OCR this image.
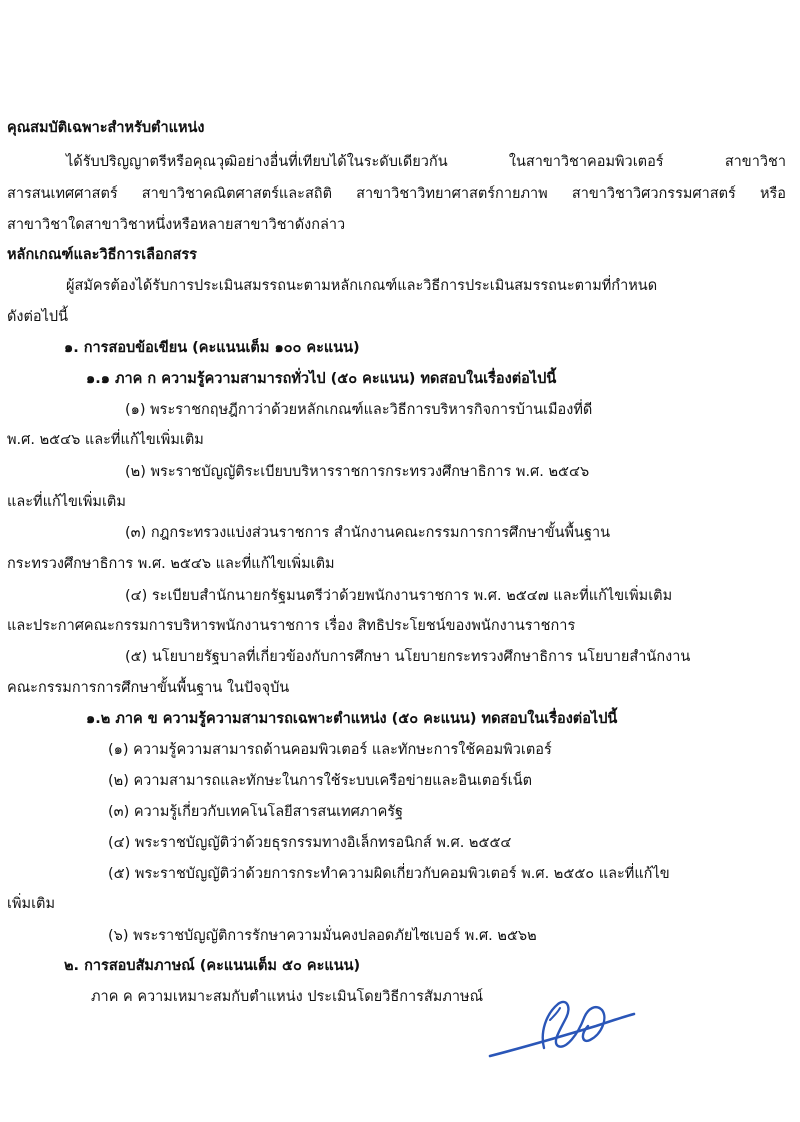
คุณสมบัติเฉพาะสำหรับตำแหน่ง
ได้รับปริญญาตรีหรือคุณวุฒิอย่างอื่นที่เทียบได้ในระดับเดียวกัน ในสาขาวิชาคอมพิวเตอร์ สาขาวิชา
สารสนเทศศาสตร์ สาขาวิชาคณิตศาสตร์และสถิติ สาขาวิชาวิทยาศาสตร์กายภาพ สาขาวิชาวิศวกรรมศาสตร์ หรือ
สาขาวิชาใดสาขาวิชาหนึ่งหรือหลายสาขาวิชาดังกล่าว
หลักเกณฑ์และวิธีการเลือกสรร
ผู้สมัครต้องได้รับการประเมินสมรรถนะตามหลักเกณฑ์และวิธีการประเมินสมรรถนะตามที่กำหนด
ดังต่อไปนี้
๑. การสอบข้อเขียน (คะแนนเต็ม ๑๐๐ คะแนน)
๑.๑ ภาค ก ความรู้ความสามารถทั่วไป (๕๐ คะแนน) ทดสอบในเรื่องต่อไปนี้
(๑) พระราชกฤษฎีกาว่าด้วยหลักเกณฑ์และวิธีการบริหารกิจการบ้านเมืองที่ดี
พ.ศ. ๒๕๔๖ และที่แก้ไขเพิ่มเติม
(๒) พระราชบัญญัติระเบียบบริหารราชการกระทรวงศึกษาธิการ พ.ศ. ๒๕๔๖
และที่แก้ไขเพิ่มเติม
(๓) กฎกระทรวงแบ่งส่วนราชการ สำนักงานคณะกรรมการการศึกษาขั้นพื้นฐาน
กระทรวงศึกษาธิการ พ.ศ. ๒๕๔๖ และที่แก้ไขเพิ่มเติม
(๔) ระเบียบสำนักนายกรัฐมนตรีว่าด้วยพนักงานราชการ พ.ศ. ๒๕๔๗ และที่แก้ไขเพิ่มเติม
และประกาศคณะกรรมการบริหารพนักงานราชการ เรื่อง สิทธิประโยชน์ของพนักงานราชการ
(๕) นโยบายรัฐบาลที่เกี่ยวข้องกับการศึกษา นโยบายกระทรวงศึกษาธิการ นโยบายสำนักงาน
คณะกรรมการการศึกษาขั้นพื้นฐาน ในปัจจุบัน
๑.๒ ภาค ข ความรู้ความสามารถเฉพาะตำแหน่ง (๕๐ คะแนน) ทดสอบในเรื่องต่อไปนี้
(๑) ความรู้ความสามารถด้านคอมพิวเตอร์ และทักษะการใช้คอมพิวเตอร์
(๒) ความสามารถและทักษะในการใช้ระบบเครือข่ายและอินเตอร์เน็ต
(๓) ความรู้เกี่ยวกับเทคโนโลยีสารสนเทศภาครัฐ
(๔) พระราชบัญญัติว่าด้วยธุรกรรมทางอิเล็กทรอนิกส์ พ.ศ. ๒๕๕๔
(๕) พระราชบัญญัติว่าด้วยการกระทำความผิดเกี่ยวกับคอมพิวเตอร์ พ.ศ. ๒๕๕๐ และที่แก้ไข
เพิ่มเติม
(๖) พระราชบัญญัติการรักษาความมั่นคงปลอดภัยไซเบอร์ พ.ศ. ๒๕๖๒
๒. การสอบสัมภาษณ์ (คะแนนเต็ม ๕๐ คะแนน)
ภาค ค ความเหมาะสมกับตำแหน่ง ประเมินโดยวิธีการสัมภาษณ์
